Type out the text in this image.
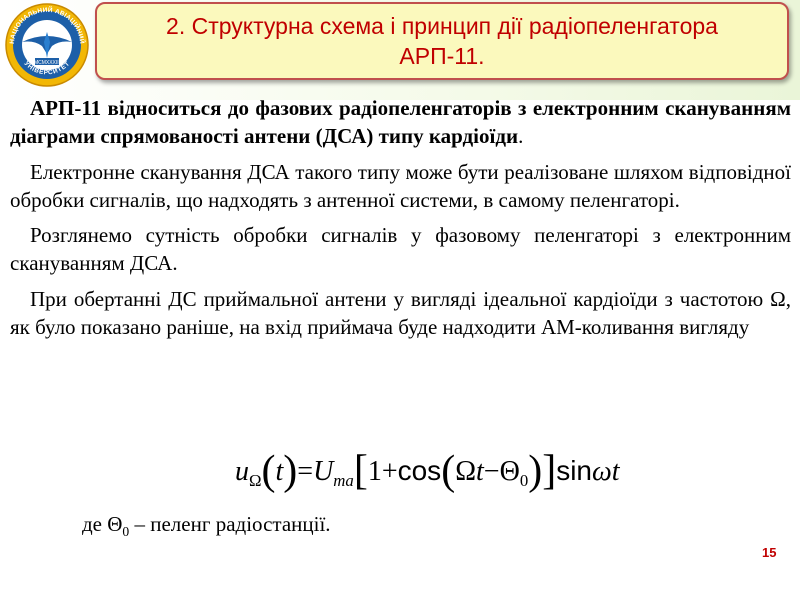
MCMXXXIII
НАЦІОНАЛЬНИЙ АВІАЦІЙНИЙ
УНІВЕРСИТЕТ
2. Структурна схема і принцип дії радіопеленгатора
АРП-11.

АРП-11 відноситься до фазових радіопеленгаторів з електронним скануванням діаграми спрямованості антени (ДСА) типу кардіоїди.

Електронне сканування ДСА такого типу може бути реалізоване шляхом відповідної обробки сигналів, що надходять з антенної системи, в самому пеленгаторі.

Розглянемо сутність обробки сигналів у фазовому пеленгаторі з електронним скануванням ДСА.

При обертанні ДС приймальної антени у вигляді ідеальної кардіоїди з частотою Ω, як було показано раніше, на вхід приймача буде надходити АМ-коливання вигляду

$u_\Omega(t)=U_{ma}[1+\cos(\Omega t-\Theta_0)]\sin\omega t$
де $\Theta_0$ – пеленг радіостанції.
15
